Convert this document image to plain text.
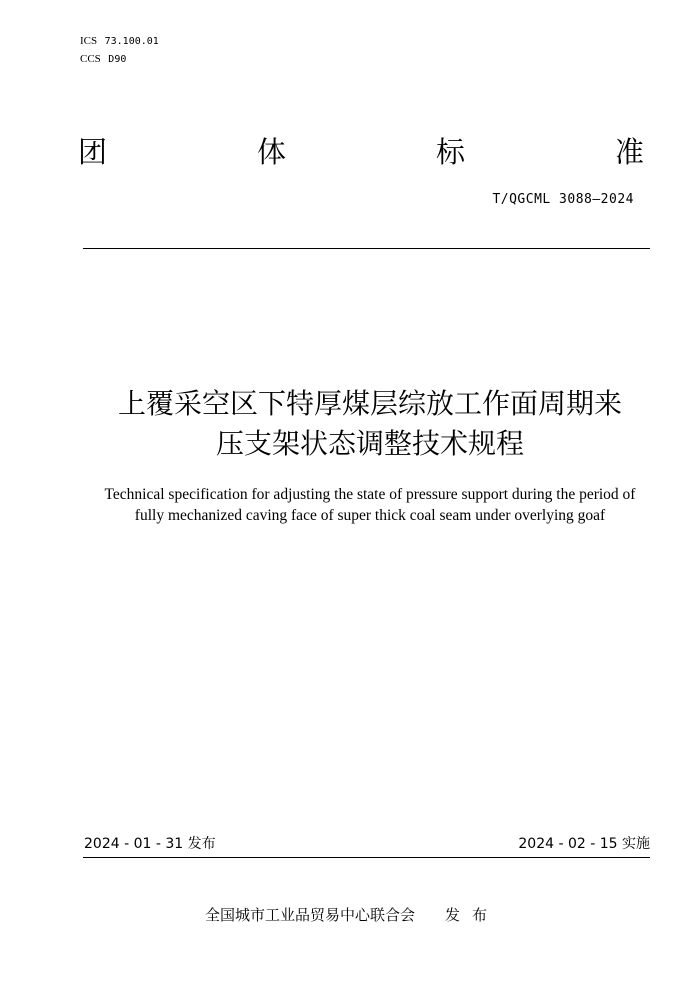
ICS 73.100.01
CCS D90
团	体	标	准
T/QGCML 3088—2024
上覆采空区下特厚煤层综放工作面周期来
压支架状态调整技术规程
Technical specification for adjusting the state of pressure support during the period of
fully mechanized caving face of super thick coal seam under overlying goaf
2024 - 01 - 31 发布	2024 - 02 - 15 实施
全国城市工业品贸易中心联合会 发布
